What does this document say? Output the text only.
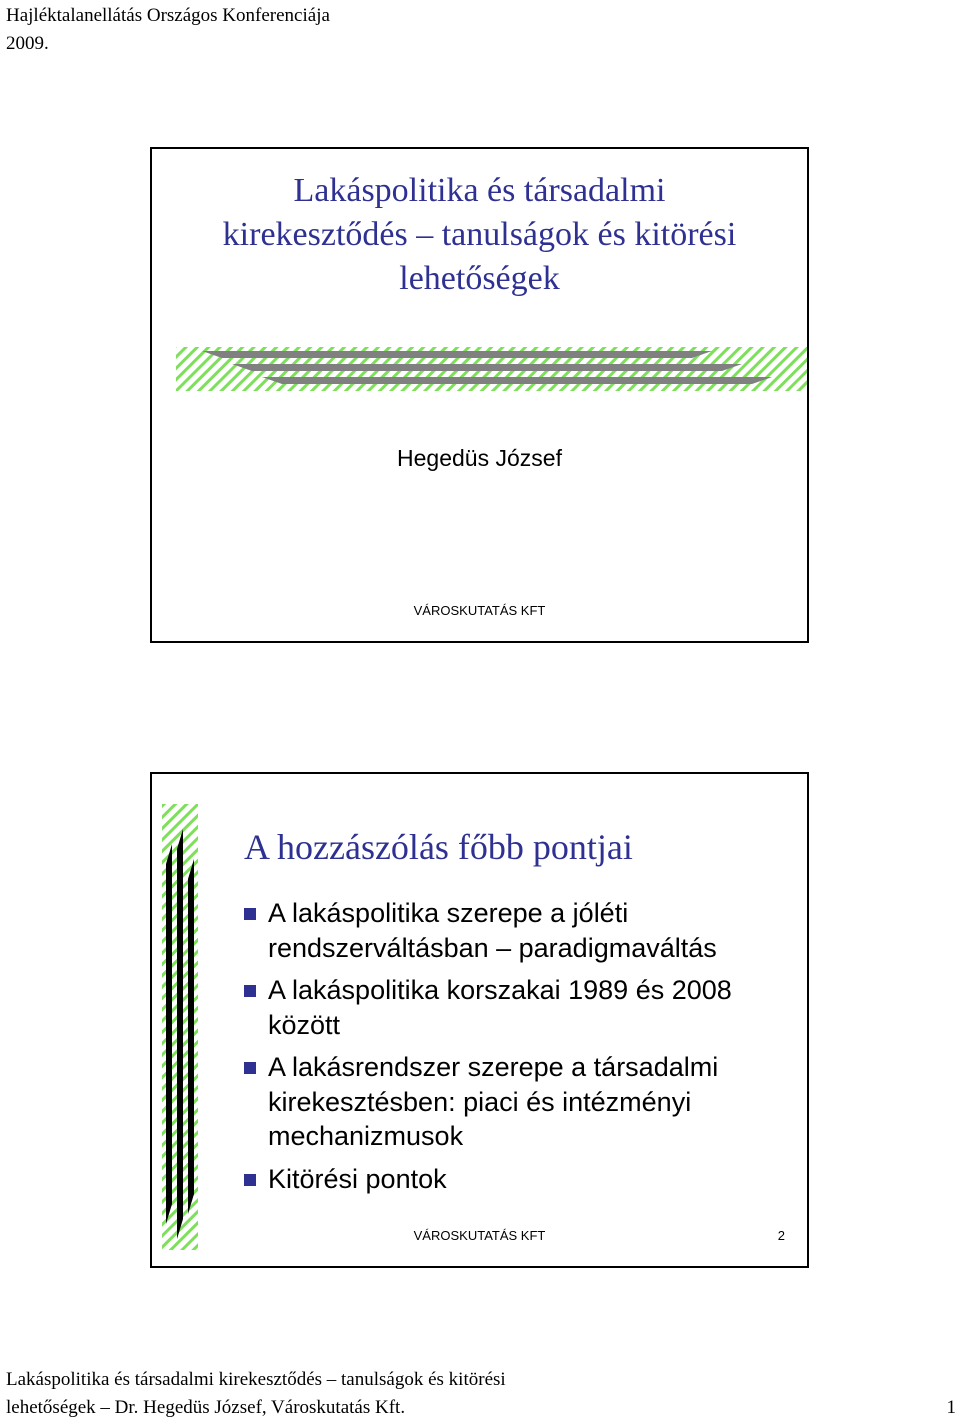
Hajléktalanellátás Országos Konferenciája
2009.
Lakáspolitika és társadalmi
kirekesztődés – tanulságok és kitörési
lehetőségek
Hegedüs József
VÁROSKUTATÁS KFT
A hozzászólás főbb pontjai
A lakáspolitika szerepe a jóléti
rendszerváltásban – paradigmaváltás
A lakáspolitika korszakai 1989 és 2008
között
A lakásrendszer szerepe a társadalmi
kirekesztésben: piaci és intézményi
mechanizmusok
Kitörési pontok
VÁROSKUTATÁS KFT	2
Lakáspolitika és társadalmi kirekesztődés – tanulságok és kitörési
lehetőségek – Dr. Hegedüs József, Városkutatás Kft.	1
